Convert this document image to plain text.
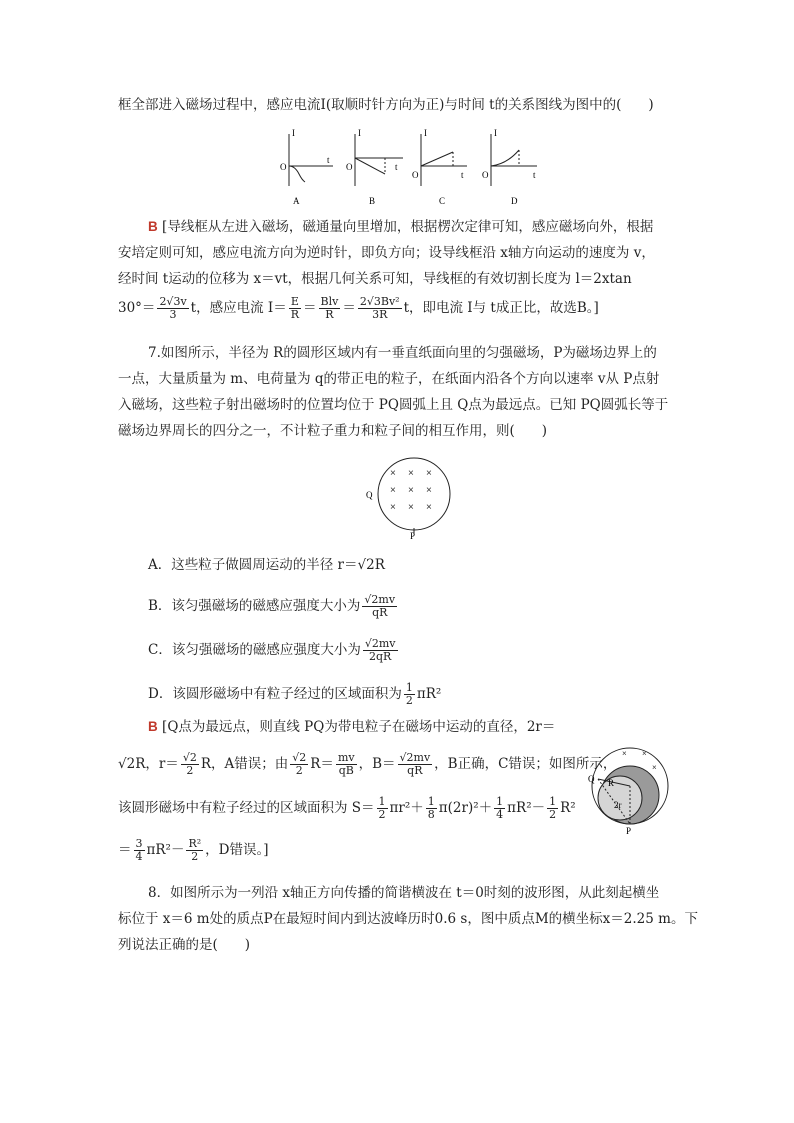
框全部进入磁场过程中，感应电流I(取顺时针方向为正)与时间 t的关系图线为图中的(　　)
A
I
t
O
B
I
t
O
C
I
t
O
D
I
t
O
B [导线框从左进入磁场，磁通量向里增加，根据楞次定律可知，感应磁场向外，根据
安培定则可知，感应电流方向为逆时针，即负方向；设导线框沿 x轴方向运动的速度为 v，
经时间 t运动的位移为 x＝vt，根据几何关系可知，导线框的有效切割长度为 l＝2xtan
$30^\circ= \frac{2√3v}{3}$ t，感应电流 $I= \frac{E}{R} = \frac{\text{Blv}}{R} = \frac{\text{2√3Bv²}}{3R}$ t，即电流 I与 t成正比，故选B。]
7.如图所示，半径为 R的圆形区域内有一垂直纸面向里的匀强磁场，P为磁场边界上的
一点，大量质量为 m、电荷量为 q的带正电的粒子，在纸面内沿各个方向以速率 v从 P点射
入磁场，这些粒子射出磁场时的位置均位于 PQ圆弧上且 Q点为最远点。已知 PQ圆弧长等于
磁场边界周长的四分之一，不计粒子重力和粒子间的相互作用，则(　　)
× × ×
× × ×
× × ×
Q
P
A．这些粒子做圆周运动的半径 r＝√2R
B．该匀强磁场的磁感应强度大小为 $\frac{√2mv}{qR}$
C．该匀强磁场的磁感应强度大小为 $\frac{√2mv}{2qR}$
D．该圆形磁场中有粒子经过的区域面积为 $\frac{1}{2} \pi R^2$
B [Q点为最远点，则直线 PQ为带电粒子在磁场中运动的直径，2r＝
√2R，$r= \frac{√2}{2}$ R，A错误；由 $\frac{√2}{2} R= \frac{mv}{qB}$ ，$B= \frac{√2mv}{qR}$ ，B正确，C错误；如图所示，
该圆形磁场中有粒子经过的区域面积为 $S= \frac{1}{2} \pi r^2+ \frac{1}{8} \pi(2r)^2+ \frac{1}{4} \pi R^2- \frac{1}{2} R^2$
＝ $\frac{3}{4} \pi R^2- \frac{\text{R²}}{2}$ ，D错误。]
× ×
×
Q R
2r
P
8．如图所示为一列沿 x轴正方向传播的简谐横波在 t＝0时刻的波形图，从此刻起横坐
标位于 x＝6 m处的质点P在最短时间内到达波峰历时0.6 s，图中质点M的横坐标x＝2.25 m。下
列说法正确的是(　　)
